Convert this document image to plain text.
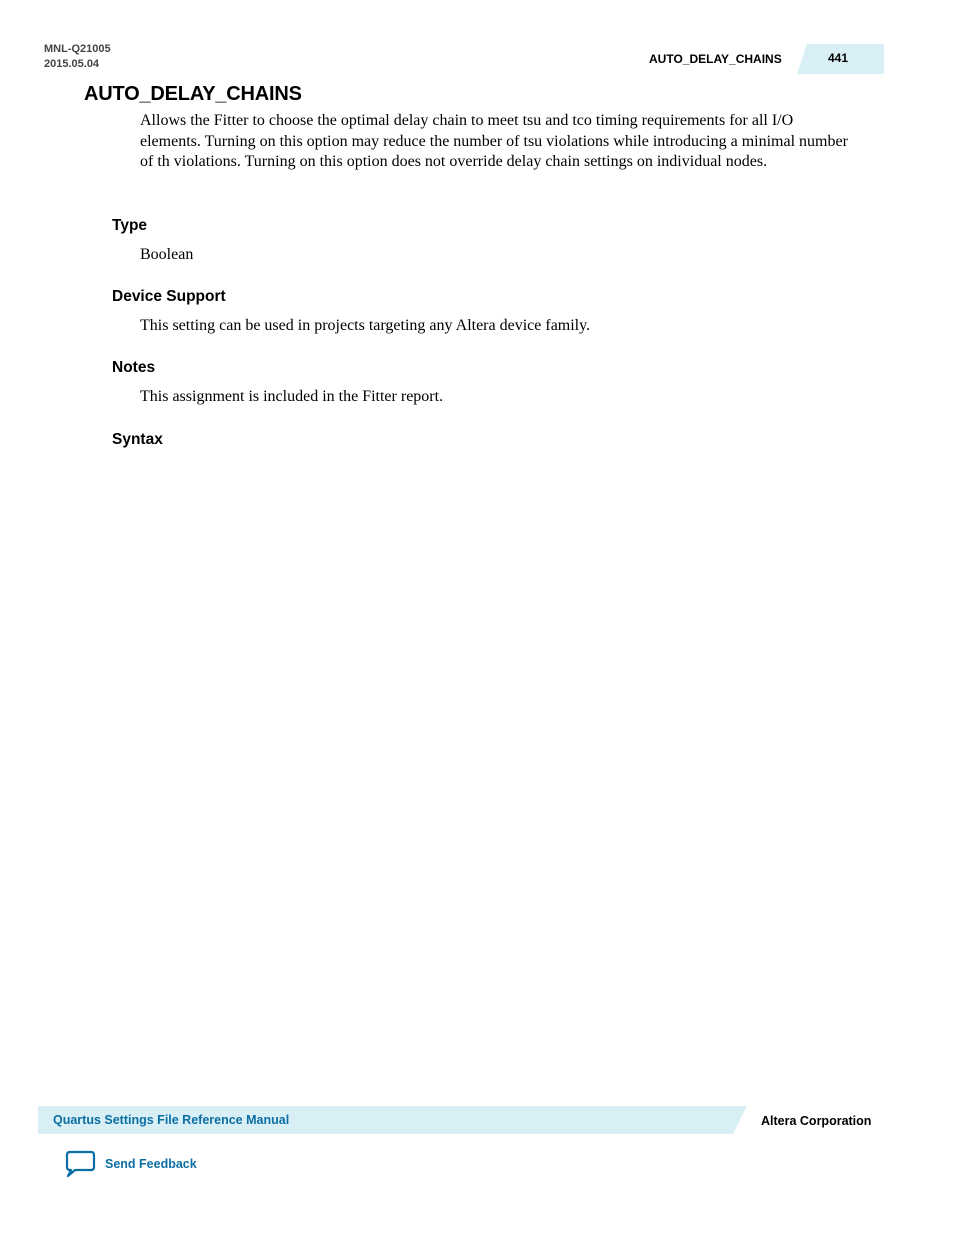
MNL-Q21005
2015.05.04	AUTO_DELAY_CHAINS	441
AUTO_DELAY_CHAINS

Allows the Fitter to choose the optimal delay chain to meet tsu and tco timing requirements for all I/O elements. Turning on this option may reduce the number of tsu violations while introducing a minimal number of th violations. Turning on this option does not override delay chain settings on individual nodes.

Type

Boolean

Device Support

This setting can be used in projects targeting any Altera device family.

Notes

This assignment is included in the Fitter report.

Syntax
Quartus Settings File Reference Manual	Altera Corporation
Send Feedback
